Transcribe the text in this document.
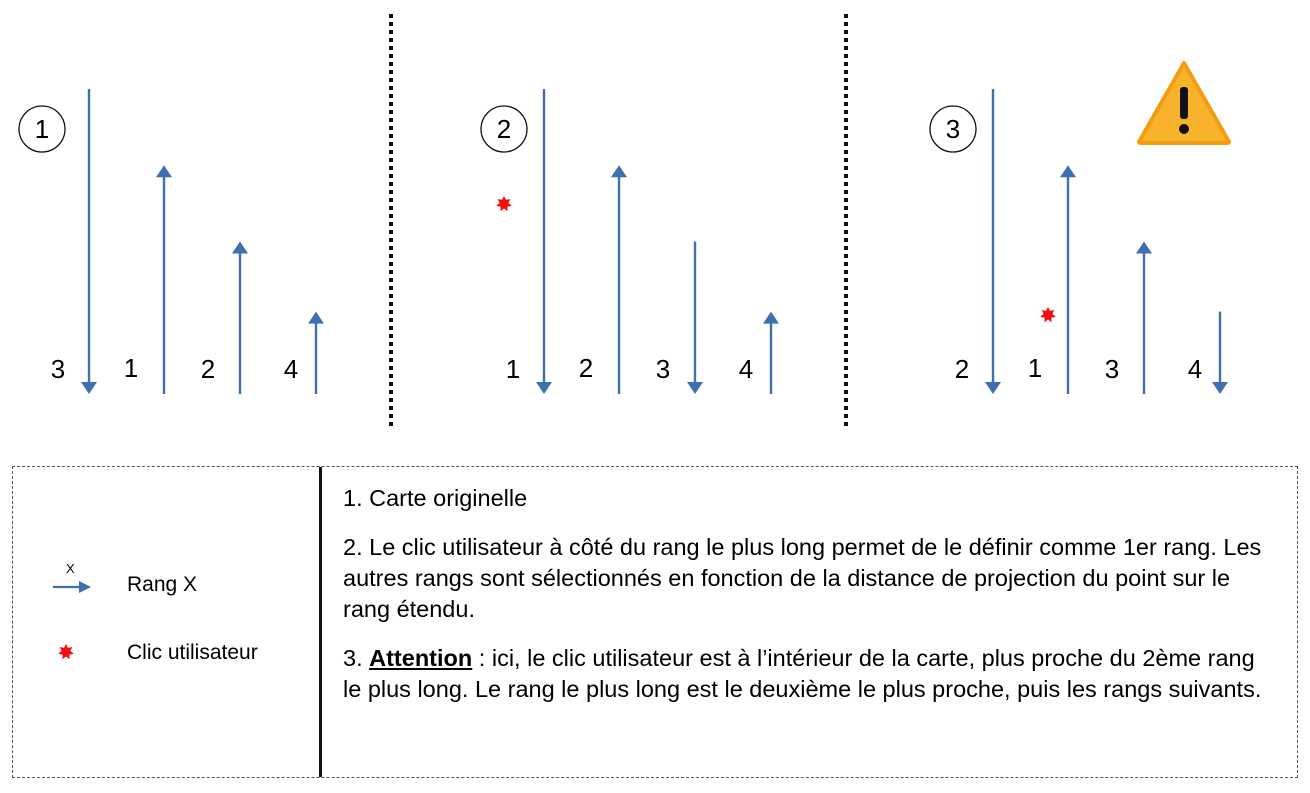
1
3 1 2	4
2
1 2 3	4
3
2 1 3	4
X
Rang X
Clic utilisateur

1. Carte originelle

2. Le clic utilisateur à côté du rang le plus long permet de le définir comme 1er rang. Les autres rangs sont sélectionnés en fonction de la distance de projection du point sur le rang étendu.

3. Attention : ici, le clic utilisateur est à l’intérieur de la carte, plus proche du 2ème rang le plus long. Le rang le plus long est le deuxième le plus proche, puis les rangs suivants.
